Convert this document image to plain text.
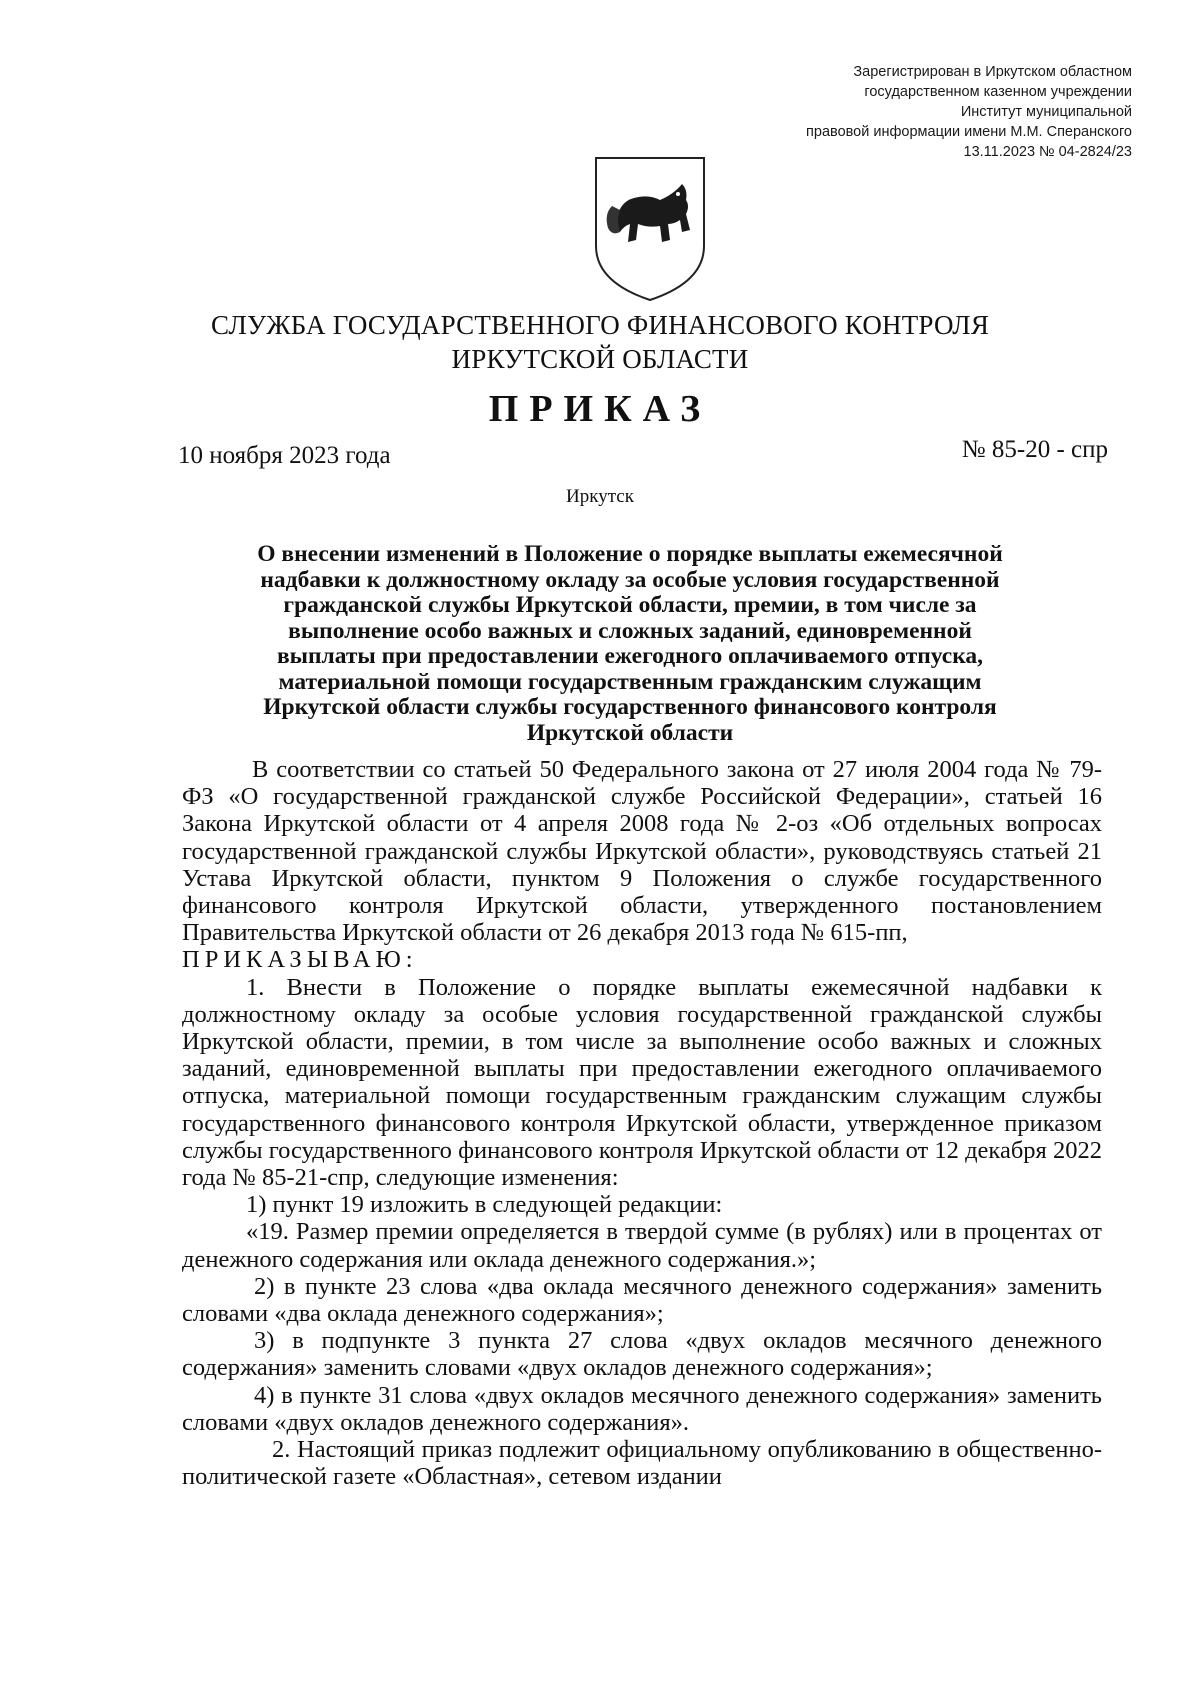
Зарегистрирован в Иркутском областном
государственном казенном учреждении
Институт муниципальной
правовой информации имени М.М. Сперанского
13.11.2023 № 04-2824/23
СЛУЖБА ГОСУДАРСТВЕННОГО ФИНАНСОВОГО КОНТРОЛЯ
ИРКУТСКОЙ ОБЛАСТИ
ПРИКАЗ
10 ноября 2023 года	№ 85-20 - спр
Иркутск
О внесении изменений в Положение о порядке выплаты ежемесячной
надбавки к должностному окладу за особые условия государственной
гражданской службы Иркутской области, премии, в том числе за
выполнение особо важных и сложных заданий, единовременной
выплаты при предоставлении ежегодного оплачиваемого отпуска,
материальной помощи государственным гражданским служащим
Иркутской области службы государственного финансового контроля
Иркутской области

В соответствии со статьей 50 Федерального закона от 27 июля 2004 года № 79-ФЗ «О государственной гражданской службе Российской Федерации», статьей 16 Закона Иркутской области от 4 апреля 2008 года № 2-оз «Об отдельных вопросах государственной гражданской службы Иркутской области», руководствуясь статьей 21 Устава Иркутской области, пунктом 9 Положения о службе государственного финансового контроля Иркутской области, утвержденного постановлением Правительства Иркутской области от 26 декабря 2013 года № 615-пп,

ПРИКАЗЫВАЮ:

1. Внести в Положение о порядке выплаты ежемесячной надбавки к должностному окладу за особые условия государственной гражданской службы Иркутской области, премии, в том числе за выполнение особо важных и сложных заданий, единовременной выплаты при предоставлении ежегодного оплачиваемого отпуска, материальной помощи государственным гражданским служащим службы государственного финансового контроля Иркутской области, утвержденное приказом службы государственного финансового контроля Иркутской области от 12 декабря 2022 года № 85-21-спр, следующие изменения:

1) пункт 19 изложить в следующей редакции:

«19. Размер премии определяется в твердой сумме (в рублях) или в процентах от денежного содержания или оклада денежного содержания.»;

2) в пункте 23 слова «два оклада месячного денежного содержания» заменить словами «два оклада денежного содержания»;

3) в подпункте 3 пункта 27 слова «двух окладов месячного денежного содержания» заменить словами «двух окладов денежного содержания»;

4) в пункте 31 слова «двух окладов месячного денежного содержания» заменить словами «двух окладов денежного содержания».

2. Настоящий приказ подлежит официальному опубликованию в общественно-политической газете «Областная», сетевом издании
